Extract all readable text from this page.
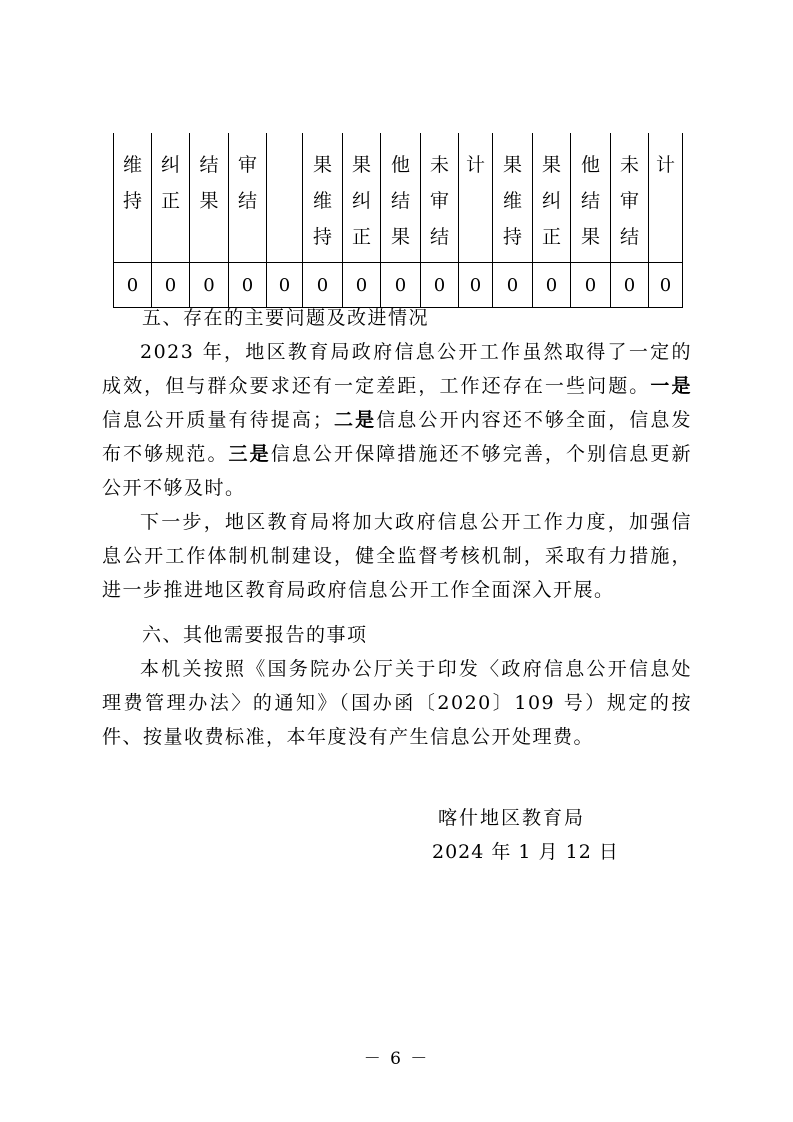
维持	纠正	结果	审结		果维持	果纠正	他结果	未审结	计	果维持	果纠正	他结果	未审结	计
0	0	0	0	0	0	0	0	0	0	0	0	0	0	0
五、存在的主要问题及改进情况

2023 年，地区教育局政府信息公开工作虽然取得了一定的成效，但与群众要求还有一定差距，工作还存在一些问题。一是信息公开质量有待提高；二是信息公开内容还不够全面，信息发布不够规范。三是信息公开保障措施还不够完善，个别信息更新公开不够及时。

下一步，地区教育局将加大政府信息公开工作力度，加强信息公开工作体制机制建设，健全监督考核机制，采取有力措施，进一步推进地区教育局政府信息公开工作全面深入开展。

六、其他需要报告的事项

本机关按照《国务院办公厅关于印发〈政府信息公开信息处理费管理办法〉的通知》（国办函〔2020〕109 号）规定的按件、按量收费标准，本年度没有产生信息公开处理费。

喀什地区教育局
2024 年 1 月 12 日
－ 6 －
